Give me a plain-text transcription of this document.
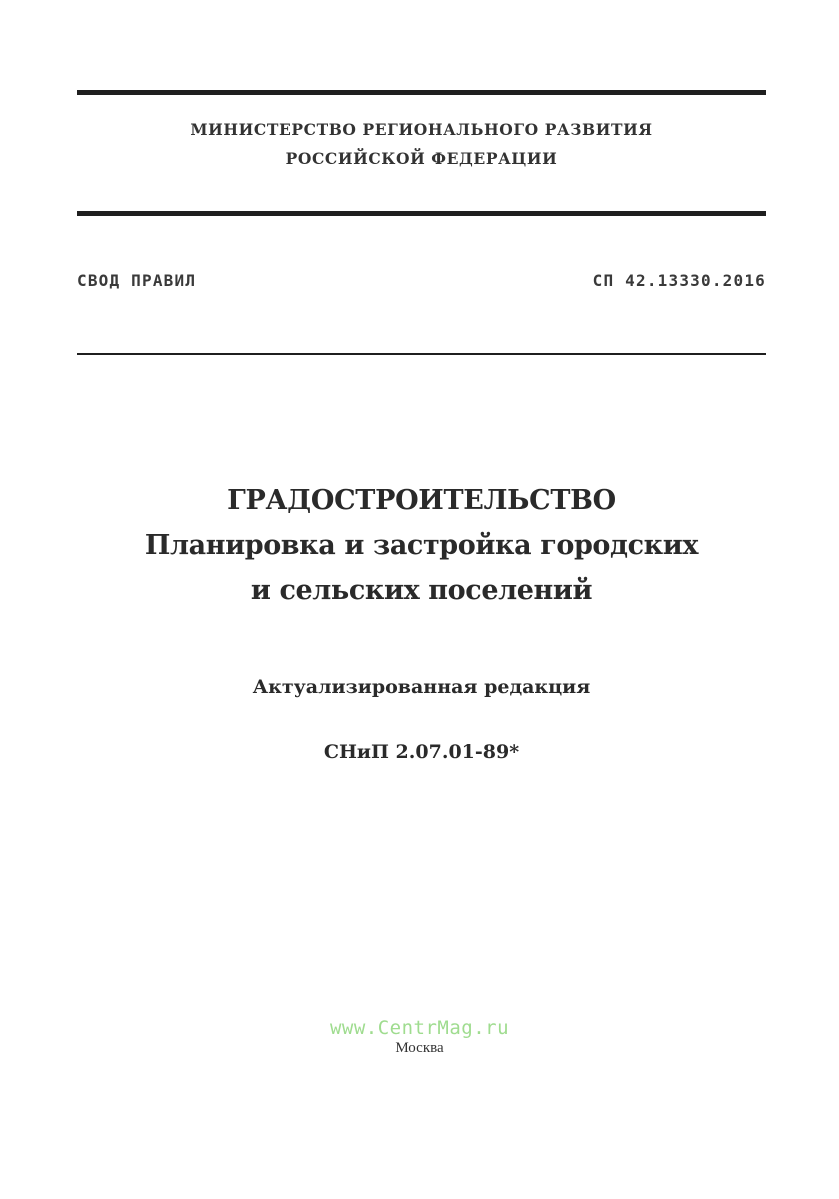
МИНИСТЕРСТВО РЕГИОНАЛЬНОГО РАЗВИТИЯ
РОССИЙСКОЙ ФЕДЕРАЦИИ
СВОД ПРАВИЛ	СП 42.13330.2016
ГРАДОСТРОИТЕЛЬСТВО
Планировка и застройка городских
и сельских поселений
Актуализированная редакция
СНиП 2.07.01-89*
www.CentrMag.ru
Москва
